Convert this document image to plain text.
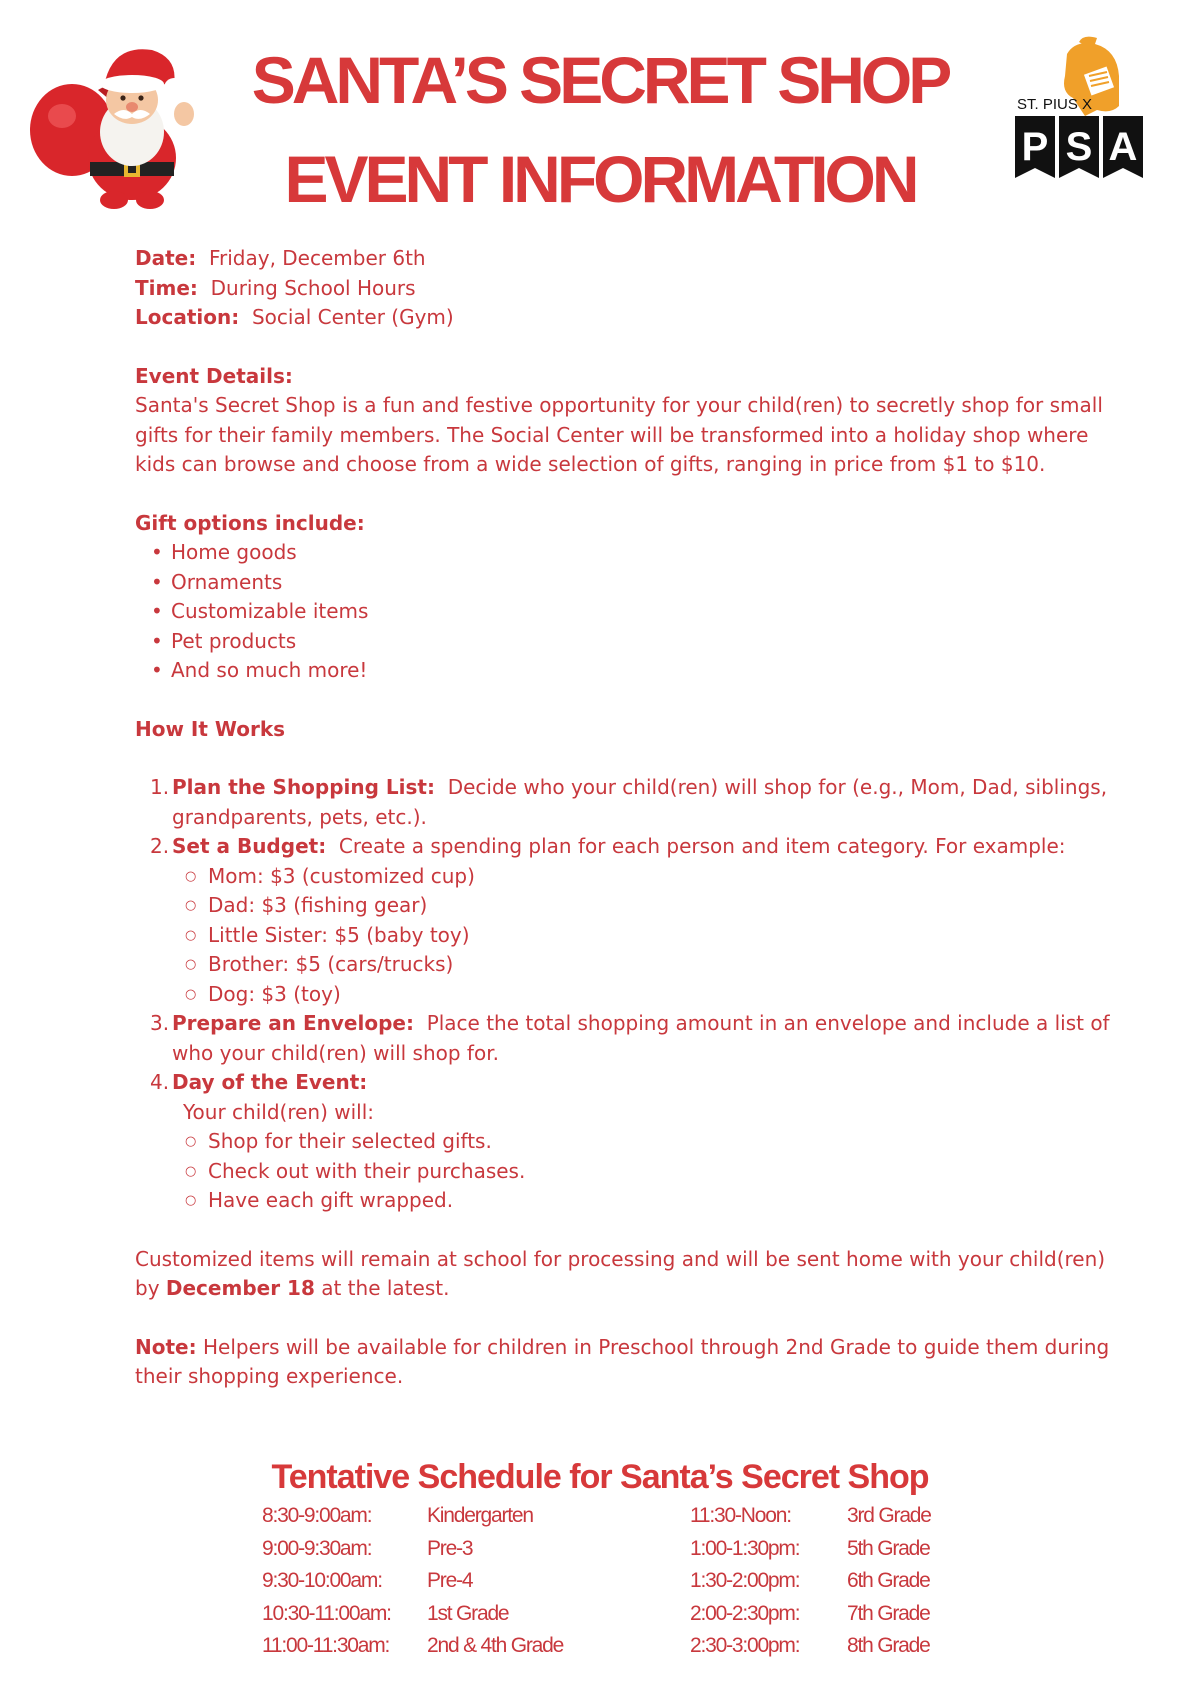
SANTA’S SECRET SHOP
EVENT INFORMATION
ST. PIUS X
P S A

Date: Friday, December 6th

Time: During School Hours

Location: Social Center (Gym)

Event Details:

Santa's Secret Shop is a fun and festive opportunity for your child(ren) to secretly shop for small gifts for their family members. The Social Center will be transformed into a holiday shop where kids can browse and choose from a wide selection of gifts, ranging in price from $1 to $10.

Gift options include:

• Home goods
• Ornaments
• Customizable items
• Pet products
• And so much more!

How It Works

1. Plan the Shopping List: Decide who your child(ren) will shop for (e.g., Mom, Dad, siblings, grandparents, pets, etc.).
2. Set a Budget: Create a spending plan for each person and item category. For example:
○ Mom: $3 (customized cup)
○ Dad: $3 (fishing gear)
○ Little Sister: $5 (baby toy)
○ Brother: $5 (cars/trucks)
○ Dog: $3 (toy)
3. Prepare an Envelope: Place the total shopping amount in an envelope and include a list of who your child(ren) will shop for.
4. Day of the Event:
Your child(ren) will:
○ Shop for their selected gifts.
○ Check out with their purchases.
○ Have each gift wrapped.

Customized items will remain at school for processing and will be sent home with your child(ren) by December 18 at the latest.

Note: Helpers will be available for children in Preschool through 2nd Grade to guide them during their shopping experience.

Tentative Schedule for Santa’s Secret Shop
8:30-9:00am:	Kindergarten
9:00-9:30am:	Pre-3
9:30-10:00am:	Pre-4
10:30-11:00am:	1st Grade
11:00-11:30am:	2nd & 4th Grade
11:30-Noon:	3rd Grade
1:00-1:30pm:	5th Grade
1:30-2:00pm:	6th Grade
2:00-2:30pm:	7th Grade
2:30-3:00pm:	8th Grade
